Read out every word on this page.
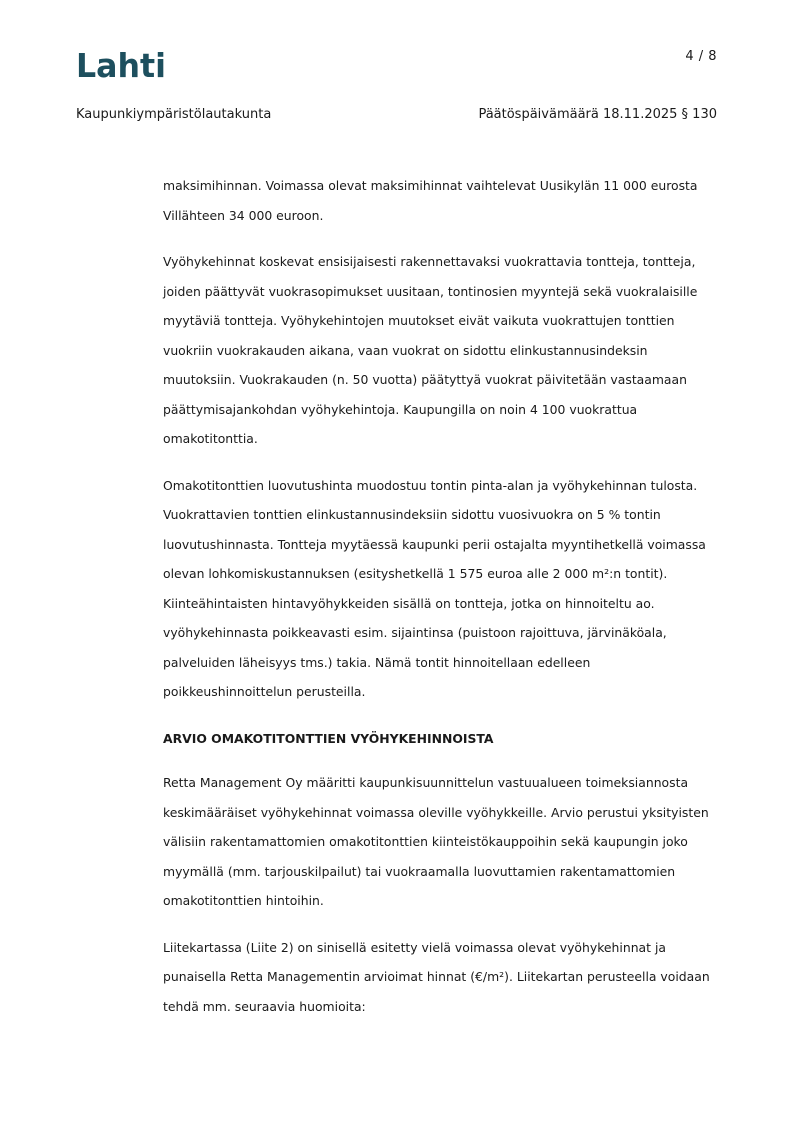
Lahti	4 / 8
Kaupunkiympäristölautakunta	Päätöspäivämäärä 18.11.2025 § 130

maksimihinnan. Voimassa olevat maksimihinnat vaihtelevat Uusikylän 11 000 eurosta Villähteen 34 000 euroon.

Vyöhykehinnat koskevat ensisijaisesti rakennettavaksi vuokrattavia tontteja, tontteja, joiden päättyvät vuokrasopimukset uusitaan, tontinosien myyntejä sekä vuokralaisille myytäviä tontteja. Vyöhykehintojen muutokset eivät vaikuta vuokrattujen tonttien vuokriin vuokrakauden aikana, vaan vuokrat on sidottu elinkustannusindeksin muutoksiin. Vuokrakauden (n. 50 vuotta) päätyttyä vuokrat päivitetään vastaamaan päättymisajankohdan vyöhykehintoja. Kaupungilla on noin 4 100 vuokrattua omakotitonttia.

Omakotitonttien luovutushinta muodostuu tontin pinta-alan ja vyöhykehinnan tulosta. Vuokrattavien tonttien elinkustannusindeksiin sidottu vuosivuokra on 5 % tontin luovutushinnasta. Tontteja myytäessä kaupunki perii ostajalta myyntihetkellä voimassa olevan lohkomiskustannuksen (esityshetkellä 1 575 euroa alle 2 000 m²:n tontit). Kiinteähintaisten hintavyöhykkeiden sisällä on tontteja, jotka on hinnoiteltu ao. vyöhykehinnasta poikkeavasti esim. sijaintinsa (puistoon rajoittuva, järvinäköala, palveluiden läheisyys tms.) takia. Nämä tontit hinnoitellaan edelleen poikkeushinnoittelun perusteilla.

ARVIO OMAKOTITONTTIEN VYÖHYKEHINNOISTA

Retta Management Oy määritti kaupunkisuunnittelun vastuualueen toimeksiannosta keskimääräiset vyöhykehinnat voimassa oleville vyöhykkeille. Arvio perustui yksityisten välisiin rakentamattomien omakotitonttien kiinteistökauppoihin sekä kaupungin joko myymällä (mm. tarjouskilpailut) tai vuokraamalla luovuttamien rakentamattomien omakotitonttien hintoihin.

Liitekartassa (Liite 2) on sinisellä esitetty vielä voimassa olevat vyöhykehinnat ja punaisella Retta Managementin arvioimat hinnat (€/m²). Liitekartan perusteella voidaan tehdä mm. seuraavia huomioita:
